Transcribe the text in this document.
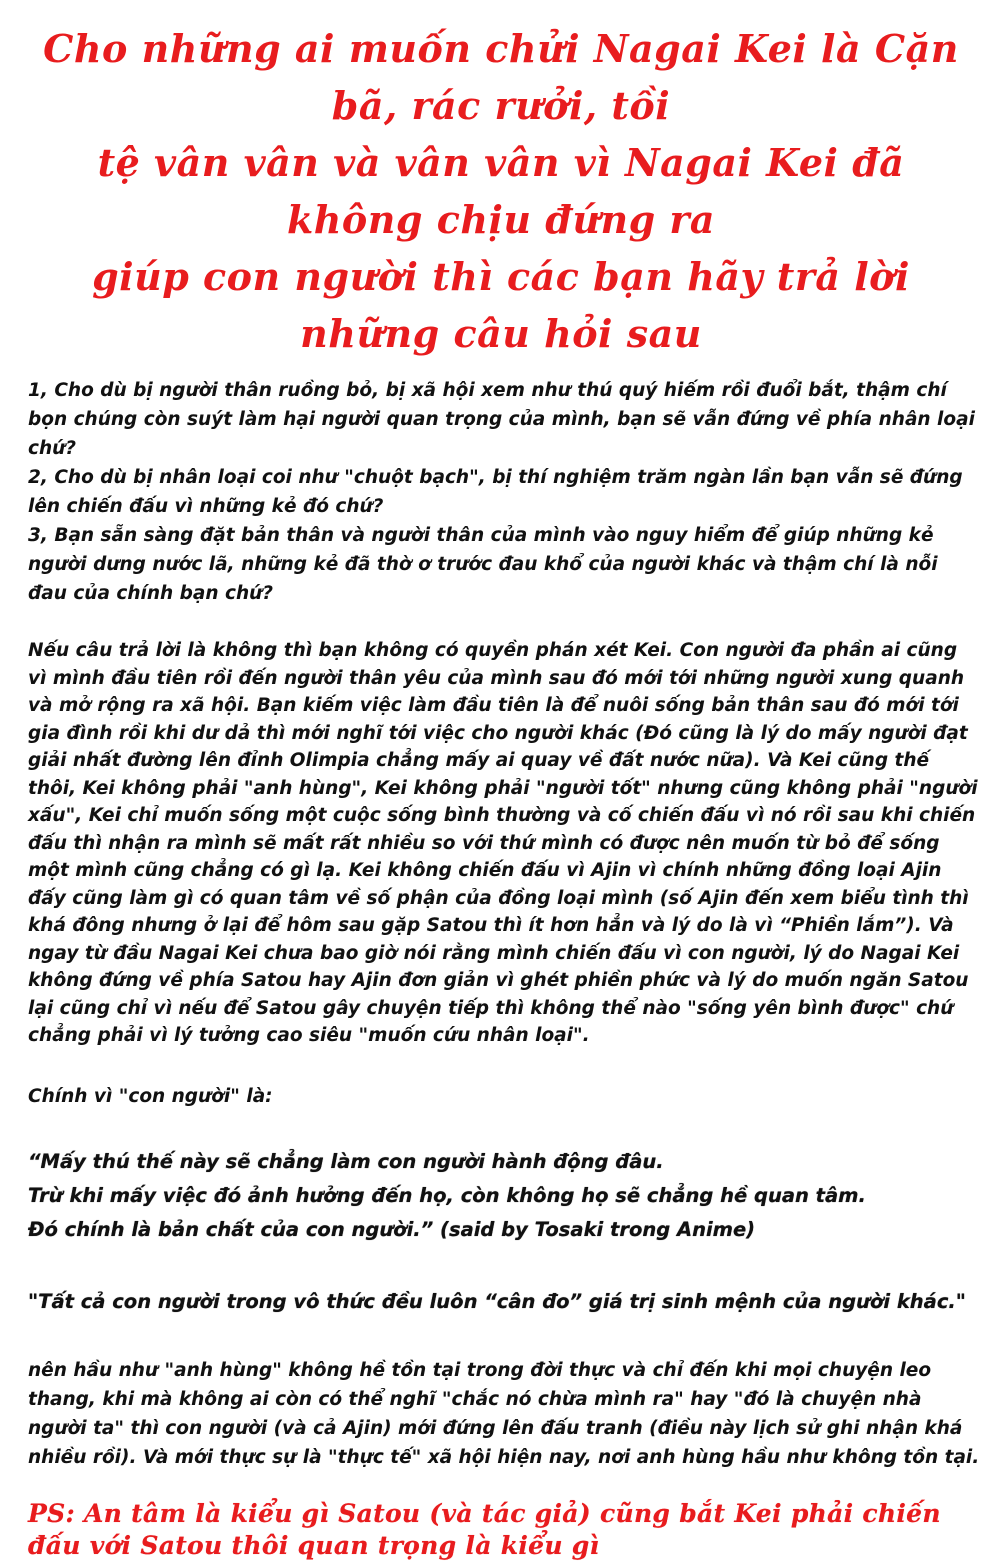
Cho những ai muốn chửi Nagai Kei là Cặn bã, rác rưởi, tồi
tệ vân vân và vân vân vì Nagai Kei đã không chịu đứng ra
giúp con người thì các bạn hãy trả lời những câu hỏi sau

1, Cho dù bị người thân ruồng bỏ, bị xã hội xem như thú quý hiếm rồi đuổi bắt, thậm chí bọn chúng còn suýt làm hại người quan trọng của mình, bạn sẽ vẫn đứng về phía nhân loại chứ?

2, Cho dù bị nhân loại coi như "chuột bạch", bị thí nghiệm trăm ngàn lần bạn vẫn sẽ đứng lên chiến đấu vì những kẻ đó chứ?

3, Bạn sẵn sàng đặt bản thân và người thân của mình vào nguy hiểm để giúp những kẻ người dưng nước lã, những kẻ đã thờ ơ trước đau khổ của người khác và thậm chí là nỗi đau của chính bạn chứ?

Nếu câu trả lời là không thì bạn không có quyền phán xét Kei. Con người đa phần ai cũng vì mình đầu tiên rồi đến người thân yêu của mình sau đó mới tới những người xung quanh và mở rộng ra xã hội. Bạn kiếm việc làm đầu tiên là để nuôi sống bản thân sau đó mới tới gia đình rồi khi dư dả thì mới nghĩ tới việc cho người khác (Đó cũng là lý do mấy người đạt giải nhất đường lên đỉnh Olimpia chẳng mấy ai quay về đất nước nữa). Và Kei cũng thế thôi, Kei không phải "anh hùng", Kei không phải "người tốt" nhưng cũng không phải "người xấu", Kei chỉ muốn sống một cuộc sống bình thường và cố chiến đấu vì nó rồi sau khi chiến đấu thì nhận ra mình sẽ mất rất nhiều so với thứ mình có được nên muốn từ bỏ để sống một mình cũng chẳng có gì lạ. Kei không chiến đấu vì Ajin vì chính những đồng loại Ajin đấy cũng làm gì có quan tâm về số phận của đồng loại mình (số Ajin đến xem biểu tình thì khá đông nhưng ở lại để hôm sau gặp Satou thì ít hơn hẳn và lý do là vì “Phiền lắm”). Và ngay từ đầu Nagai Kei chưa bao giờ nói rằng mình chiến đấu vì con người, lý do Nagai Kei không đứng về phía Satou hay Ajin đơn giản vì ghét phiền phức và lý do muốn ngăn Satou lại cũng chỉ vì nếu để Satou gây chuyện tiếp thì không thể nào "sống yên bình được" chứ chẳng phải vì lý tưởng cao siêu "muốn cứu nhân loại".

Chính vì "con người" là:

“Mấy thú thế này sẽ chẳng làm con người hành động đâu.
Trừ khi mấy việc đó ảnh hưởng đến họ, còn không họ sẽ chẳng hề quan tâm.
Đó chính là bản chất của con người.” (said by Tosaki trong Anime)

"Tất cả con người trong vô thức đều luôn “cân đo” giá trị sinh mệnh của người khác."

nên hầu như "anh hùng" không hề tồn tại trong đời thực và chỉ đến khi mọi chuyện leo thang, khi mà không ai còn có thể nghĩ "chắc nó chừa mình ra" hay "đó là chuyện nhà người ta" thì con người (và cả Ajin) mới đứng lên đấu tranh (điều này lịch sử ghi nhận khá nhiều rồi). Và mới thực sự là "thực tế" xã hội hiện nay, nơi anh hùng hầu như không tồn tại.

PS: An tâm là kiểu gì Satou (và tác giả) cũng bắt Kei phải chiến đấu với Satou thôi quan trọng là kiểu gì
